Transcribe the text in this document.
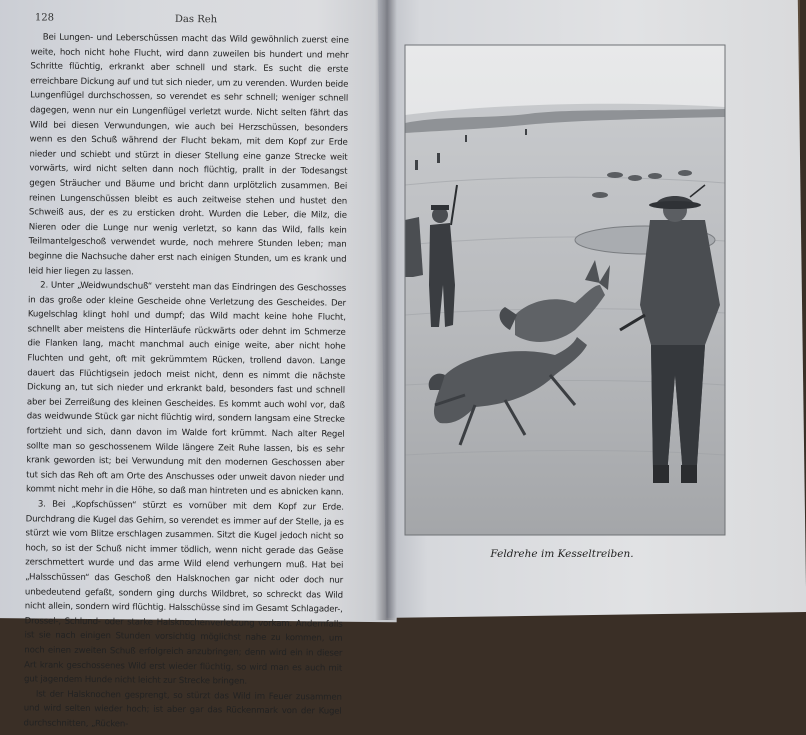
128	Das Reh

Bei Lungen- und Leberschüssen macht das Wild gewöhnlich zuerst eine weite, hoch nicht hohe Flucht, wird dann zuweilen bis hundert und mehr Schritte flüchtig, erkrankt aber schnell und stark. Es sucht die erste erreichbare Dickung auf und tut sich nieder, um zu verenden. Wurden beide Lungenflügel durchschossen, so verendet es sehr schnell; weniger schnell dagegen, wenn nur ein Lungenflügel verletzt wurde. Nicht selten fährt das Wild bei diesen Verwundungen, wie auch bei Herzschüssen, besonders wenn es den Schuß während der Flucht bekam, mit dem Kopf zur Erde nieder und schiebt und stürzt in dieser Stellung eine ganze Strecke weit vorwärts, wird nicht selten dann noch flüchtig, prallt in der Todesangst gegen Sträucher und Bäume und bricht dann urplötzlich zusammen. Bei reinen Lungenschüssen bleibt es auch zeitweise stehen und hustet den Schweiß aus, der es zu ersticken droht. Wurden die Leber, die Milz, die Nieren oder die Lunge nur wenig verletzt, so kann das Wild, falls kein Teilmantelgeschoß verwendet wurde, noch mehrere Stunden leben; man beginne die Nachsuche daher erst nach einigen Stunden, um es krank und leid hier liegen zu lassen.

2. Unter „Weidwundschuß“ versteht man das Eindringen des Geschosses in das große oder kleine Gescheide ohne Verletzung des Gescheides. Der Kugelschlag klingt hohl und dumpf; das Wild macht keine hohe Flucht, schnellt aber meistens die Hinterläufe rückwärts oder dehnt im Schmerze die Flanken lang, macht manchmal auch einige weite, aber nicht hohe Fluchten und geht, oft mit gekrümmtem Rücken, trollend davon. Lange dauert das Flüchtigsein jedoch meist nicht, denn es nimmt die nächste Dickung an, tut sich nieder und erkrankt bald, besonders fast und schnell aber bei Zerreißung des kleinen Gescheides. Es kommt auch wohl vor, daß das weidwunde Stück gar nicht flüchtig wird, sondern langsam eine Strecke fortzieht und sich, dann davon im Walde fort krümmt. Nach alter Regel sollte man so geschossenem Wilde längere Zeit Ruhe lassen, bis es sehr krank geworden ist; bei Verwundung mit den modernen Geschossen aber tut sich das Reh oft am Orte des Anschusses oder unweit davon nieder und kommt nicht mehr in die Höhe, so daß man hintreten und es abnicken kann.

3. Bei „Kopfschüssen“ stürzt es vornüber mit dem Kopf zur Erde. Durchdrang die Kugel das Gehirn, so verendet es immer auf der Stelle, ja es stürzt wie vom Blitze erschlagen zusammen. Sitzt die Kugel jedoch nicht so hoch, so ist der Schuß nicht immer tödlich, wenn nicht gerade das Geäse zerschmettert wurde und das arme Wild elend verhungern muß. Hat bei „Halsschüssen“ das Geschoß den Halsknochen gar nicht oder doch nur unbedeutend gefaßt, sondern ging durchs Wildbret, so schreckt das Wild nicht allein, sondern wird flüchtig. Halsschüsse sind im Gesamt Schlagader-, Drossel-, Schlund- oder starke Halsknochenverletzung vorkam. Andernfalls ist sie nach einigen Stunden vorsichtig möglichst nahe zu kommen, um noch einen zweiten Schuß erfolgreich anzubringen; denn wird ein in dieser Art krank geschossenes Wild erst wieder flüchtig, so wird man es auch mit gut jagendem Hunde nicht leicht zur Strecke bringen.

Ist der Halsknochen gesprengt, so stürzt das Wild im Feuer zusammen und wird selten wieder hoch; ist aber gar das Rückenmark von der Kugel durchschnitten, „Rücken-

Feldrehe im Kesseltreiben.
